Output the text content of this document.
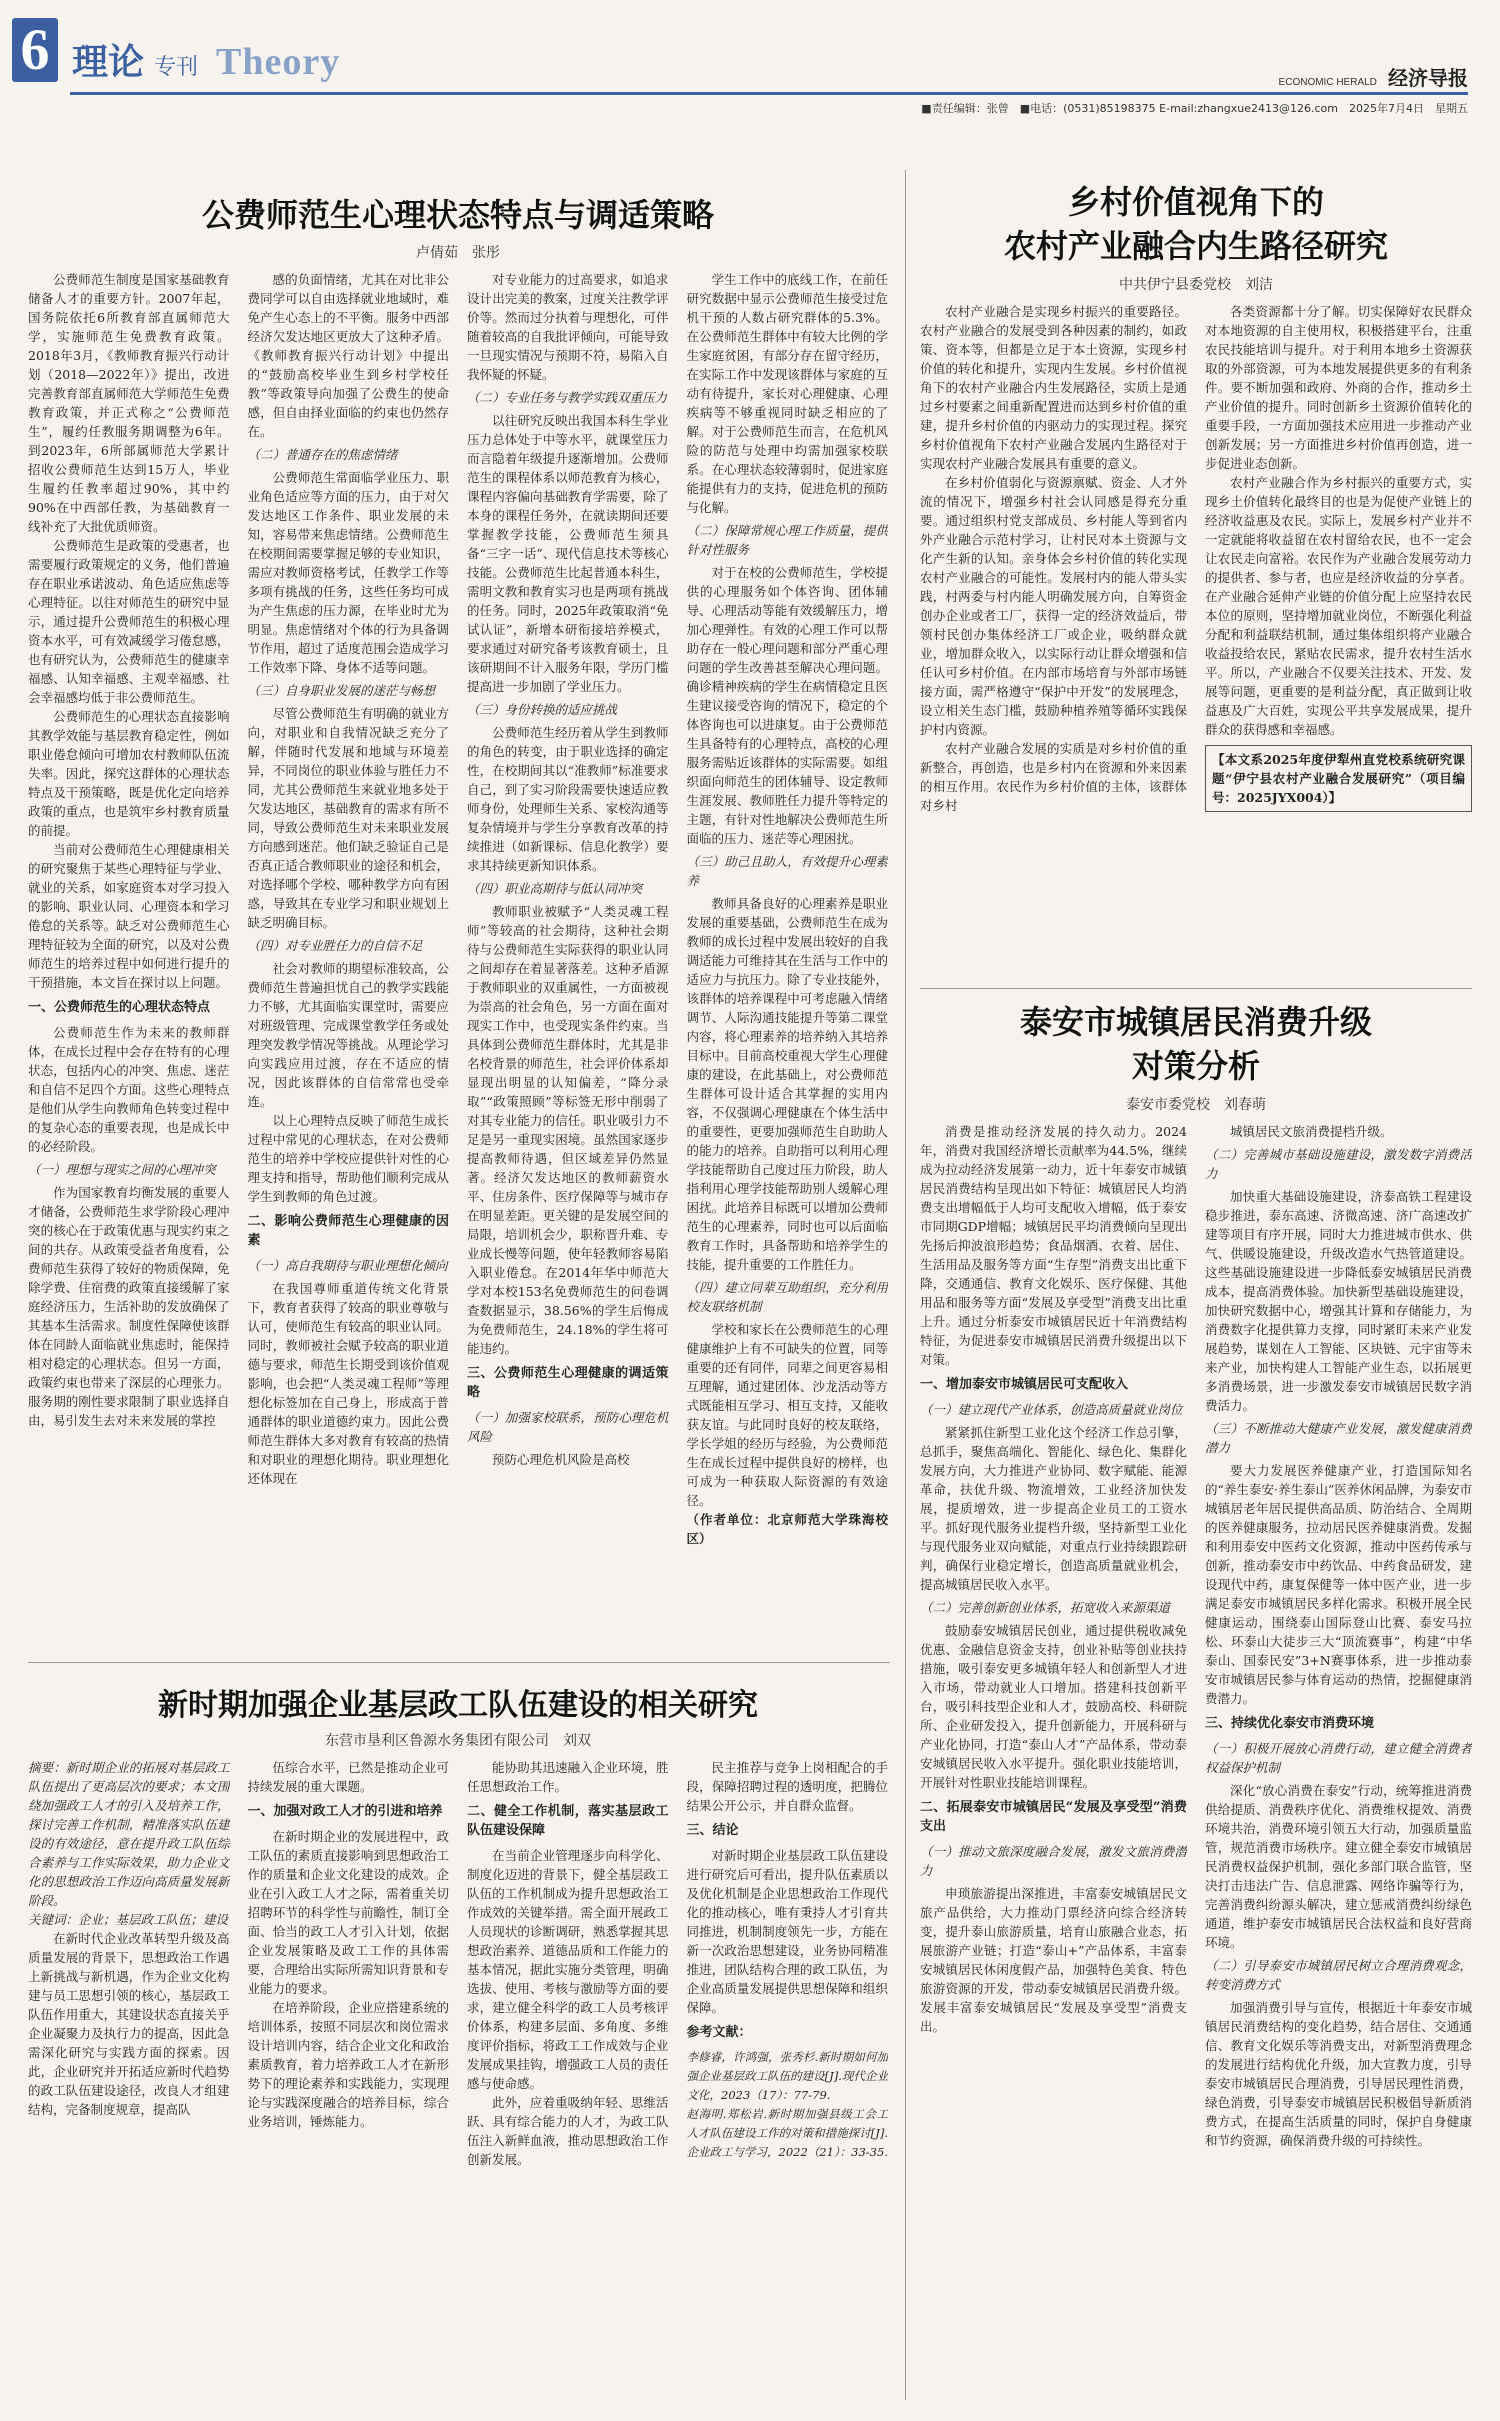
6 理论 专刊 Theory	ECONOMIC HERALD 经济导报
■责任编辑：张曾　■电话：(0531)85198375 E-mail:zhangxue2413@126.com　2025年7月4日　星期五
公费师范生心理状态特点与调适策略
卢倩茹　张彤

公费师范生制度是国家基础教育储备人才的重要方针。2007年起，国务院依托6所教育部直属师范大学，实施师范生免费教育政策。2018年3月，《教师教育振兴行动计划（2018—2022年）》提出，改进完善教育部直属师范大学师范生免费教育政策，并正式称之“公费师范生”，履约任教服务期调整为6年。到2023年，6所部属师范大学累计招收公费师范生达到15万人，毕业生履约任教率超过90%，其中约90%在中西部任教，为基础教育一线补充了大批优质师资。

公费师范生是政策的受惠者，也需要履行政策规定的义务，他们普遍存在职业承诺波动、角色适应焦虑等心理特征。以往对师范生的研究中显示，通过提升公费师范生的积极心理资本水平，可有效减缓学习倦怠感，也有研究认为，公费师范生的健康幸福感、认知幸福感、主观幸福感、社会幸福感均低于非公费师范生。

公费师范生的心理状态直接影响其教学效能与基层教育稳定性，例如职业倦怠倾向可增加农村教师队伍流失率。因此，探究这群体的心理状态特点及干预策略，既是优化定向培养政策的重点，也是筑牢乡村教育质量的前提。

当前对公费师范生心理健康相关的研究聚焦于某些心理特征与学业、就业的关系，如家庭资本对学习投入的影响、职业认同、心理资本和学习倦怠的关系等。缺乏对公费师范生心理特征较为全面的研究，以及对公费师范生的培养过程中如何进行提升的干预措施，本文旨在探讨以上问题。

一、公费师范生的心理状态特点

公费师范生作为未来的教师群体，在成长过程中会存在特有的心理状态，包括内心的冲突、焦虑、迷茫和自信不足四个方面。这些心理特点是他们从学生向教师角色转变过程中的复杂心态的重要表现，也是成长中的必经阶段。

（一）理想与现实之间的心理冲突

作为国家教育均衡发展的重要人才储备，公费师范生求学阶段心理冲突的核心在于政策优惠与现实约束之间的共存。从政策受益者角度看，公费师范生获得了较好的物质保障，免除学费、住宿费的政策直接缓解了家庭经济压力，生活补助的发放确保了其基本生活需求。制度性保障使该群体在同龄人面临就业焦虑时，能保持相对稳定的心理状态。但另一方面，政策约束也带来了深层的心理张力。服务期的刚性要求限制了职业选择自由，易引发生去对未来发展的掌控

感的负面情绪，尤其在对比非公费同学可以自由选择就业地域时，难免产生心态上的不平衡。服务中西部经济欠发达地区更放大了这种矛盾。《教师教育振兴行动计划》中提出的“鼓励高校毕业生到乡村学校任教”等政策导向加强了公费生的使命感，但自由择业面临的约束也仍然存在。

（二）普通存在的焦虑情绪

公费师范生常面临学业压力、职业角色适应等方面的压力，由于对欠发达地区工作条件、职业发展的未知，容易带来焦虑情绪。公费师范生在校期间需要掌握足够的专业知识，需应对教师资格考试，任教学工作等多项有挑战的任务，这些任务均可成为产生焦虑的压力源，在毕业时尤为明显。焦虑情绪对个体的行为具备调节作用，超过了适度范围会造成学习工作效率下降、身体不适等问题。

（三）自身职业发展的迷茫与畅想

尽管公费师范生有明确的就业方向，对职业和自我情况缺乏充分了解，伴随时代发展和地域与环境差异，不同岗位的职业体验与胜任力不同，尤其公费师范生来就业地多处于欠发达地区，基础教育的需求有所不同，导致公费师范生对未来职业发展方向感到迷茫。他们缺乏验证自己是否真正适合教师职业的途径和机会，对选择哪个学校、哪种教学方向有困惑，导致其在专业学习和职业规划上缺乏明确目标。

（四）对专业胜任力的自信不足

社会对教师的期望标准较高，公费师范生普遍担忧自己的教学实践能力不够，尤其面临实课堂时，需要应对班级管理、完成课堂教学任务或处理突发教学情况等挑战。从理论学习向实践应用过渡，存在不适应的情况，因此该群体的自信常常也受牵连。

以上心理特点反映了师范生成长过程中常见的心理状态，在对公费师范生的培养中学校应提供针对性的心理支持和指导，帮助他们顺利完成从学生到教师的角色过渡。

二、影响公费师范生心理健康的因素
（一）高自我期待与职业理想化倾向

在我国尊师重道传统文化背景下，教育者获得了较高的职业尊敬与认可，使师范生有较高的职业认同。同时，教师被社会赋予较高的职业道德与要求，师范生长期受到该价值观影响，也会把“人类灵魂工程师”等理想化标签加在自己身上，形成高于普通群体的职业道德约束力。因此公费师范生群体大多对教育有较高的热情和对职业的理想化期待。职业理想化还体现在

对专业能力的过高要求，如追求设计出完美的教案，过度关注教学评价等。然而过分执着与理想化，可伴随着较高的自我批评倾向，可能导致一旦现实情况与预期不符，易陷入自我怀疑的怀疑。

（二）专业任务与教学实践双重压力

以往研究反映出我国本科生学业压力总体处于中等水平，就课堂压力而言隐着年级提升逐渐增加。公费师范生的课程体系以师范教育为核心，课程内容偏向基础教育学需要，除了本身的课程任务外，在就读期间还要掌握教学技能，公费师范生须具备“三字一话”、现代信息技术等核心技能。公费师范生比起普通本科生，需明文教和教育实习也是两项有挑战的任务。同时，2025年政策取消“免试认证”，新增本研衔接培养模式，要求通过对研究备考该教育硕士，且该研期间不计入服务年限，学历门槛提高进一步加剧了学业压力。

（三）身份转换的适应挑战

公费师范生经历着从学生到教师的角色的转变，由于职业选择的确定性，在校期间其以“准教师”标准要求自己，到了实习阶段需要快速适应教师身份，处理师生关系、家校沟通等复杂情境并与学生分享教育改革的持续推进（如新课标、信息化教学）要求其持续更新知识体系。

（四）职业高期待与低认同冲突

教师职业被赋予“人类灵魂工程师”等较高的社会期待，这种社会期待与公费师范生实际获得的职业认同之间却存在着显著落差。这种矛盾源于教师职业的双重属性，一方面被视为崇高的社会角色，另一方面在面对现实工作中，也受现实条件约束。当具体到公费师范生群体时，尤其是非名校背景的师范生，社会评价体系却显现出明显的认知偏差，“降分录取”“政策照顾”等标签无形中削弱了对其专业能力的信任。职业吸引力不足是另一重现实困境。虽然国家逐步提高教师待遇，但区域差异仍然显著。经济欠发达地区的教师薪资水平、住房条件、医疗保障等与城市存在明显差距。更关键的是发展空间的局限，培训机会少，职称晋升难、专业成长慢等问题，使年轻教师容易陷入职业倦怠。在2014年华中师范大学对本校153名免费师范生的问卷调查数据显示，38.56%的学生后悔成为免费师范生，24.18%的学生将可能违约。

三、公费师范生心理健康的调适策略
（一）加强家校联系，预防心理危机风险

预防心理危机风险是高校

学生工作中的底线工作，在前任研究数据中显示公费师范生接受过危机干预的人数占研究群体的5.3%。在公费师范生群体中有较大比例的学生家庭贫困，有部分存在留守经历，在实际工作中发现该群体与家庭的互动有待提升，家长对心理健康、心理疾病等不够重视同时缺乏相应的了解。对于公费师范生而言，在危机风险的防范与处理中均需加强家校联系。在心理状态较薄弱时，促进家庭能提供有力的支持，促进危机的预防与化解。

（二）保障常规心理工作质量，提供针对性服务

对于在校的公费师范生，学校提供的心理服务如个体咨询、团体辅导、心理活动等能有效缓解压力，增加心理弹性。有效的心理工作可以帮助存在一般心理问题和部分严重心理问题的学生改善甚至解决心理问题。确诊精神疾病的学生在病情稳定且医生建议接受咨询的情况下，稳定的个体咨询也可以进康复。由于公费师范生具备特有的心理特点，高校的心理服务需贴近该群体的实际需要。如组织面向师范生的团体辅导、设定教师生涯发展、教师胜任力提升等特定的主题，有针对性地解决公费师范生所面临的压力、迷茫等心理困扰。

（三）助己且助人，有效提升心理素养

教师具备良好的心理素养是职业发展的重要基础，公费师范生在成为教师的成长过程中发展出较好的自我调适能力可维持其在生活与工作中的适应力与抗压力。除了专业技能外，该群体的培养课程中可考虑融入情绪调节、人际沟通技能提升等第二课堂内容，将心理素养的培养纳入其培养目标中。目前高校重视大学生心理健康的建设，在此基础上，对公费师范生群体可设计适合其掌握的实用内容，不仅强调心理健康在个体生活中的重要性，更要加强师范生自助助人的能力的培养。自助指可以利用心理学技能帮助自己度过压力阶段，助人指利用心理学技能帮助别人缓解心理困扰。此培养目标既可以增加公费师范生的心理素养，同时也可以后面临教育工作时，具备帮助和培养学生的技能，提升重要的工作胜任力。

（四）建立同辈互助组织，充分利用校友联络机制

学校和家长在公费师范生的心理健康维护上有不可缺失的位置，同等重要的还有同伴，同辈之间更容易相互理解，通过建团体、沙龙活动等方式既能相互学习、相互支持，又能收获友谊。与此同时良好的校友联络，学长学姐的经历与经验，为公费师范生在成长过程中提供良好的榜样，也可成为一种获取人际资源的有效途径。

（作者单位：北京师范大学珠海校区）

乡村价值视角下的
农村产业融合内生路径研究
中共伊宁县委党校　刘洁

农村产业融合是实现乡村振兴的重要路径。农村产业融合的发展受到各种因素的制约，如政策、资本等，但都是立足于本土资源，实现乡村价值的转化和提升，实现内生发展。乡村价值视角下的农村产业融合内生发展路径，实质上是通过乡村要素之间重新配置进而达到乡村价值的重建，提升乡村价值的内驱动力的实现过程。探究乡村价值视角下农村产业融合发展内生路径对于实现农村产业融合发展具有重要的意义。

在乡村价值弱化与资源禀赋、资金、人才外流的情况下，增强乡村社会认同感是得充分重要。通过组织村党支部成员、乡村能人等到省内外产业融合示范村学习，让村民对本土资源与文化产生新的认知。亲身体会乡村价值的转化实现农村产业融合的可能性。发展村内的能人带头实践，村两委与村内能人明确发展方向，自筹资金创办企业或者工厂，获得一定的经济效益后，带领村民创办集体经济工厂或企业，吸纳群众就业，增加群众收入，以实际行动让群众增强和信任认可乡村价值。在内部市场培育与外部市场链接方面，需严格遵守“保护中开发”的发展理念，设立相关生态门槛，鼓励种植养殖等循环实践保护村内资源。

农村产业融合发展的实质是对乡村价值的重新整合，再创造，也是乡村内在资源和外来因素的相互作用。农民作为乡村价值的主体，该群体对乡村

各类资源都十分了解。切实保障好农民群众对本地资源的自主使用权，积极搭建平台，注重农民技能培训与提升。对于利用本地乡土资源获取的外部资源，可为本地发展提供更多的有利条件。要不断加强和政府、外商的合作，推动乡土产业价值的提升。同时创新乡土资源价值转化的重要手段，一方面加强技术应用进一步推动产业创新发展；另一方面推进乡村价值再创造，进一步促进业态创新。

农村产业融合作为乡村振兴的重要方式，实现乡土价值转化最终目的也是为促使产业链上的经济收益惠及农民。实际上，发展乡村产业并不一定就能将收益留在农村留给农民，也不一定会让农民走向富裕。农民作为产业融合发展劳动力的提供者、参与者，也应是经济收益的分享者。在产业融合延伸产业链的价值分配上应坚持农民本位的原则，坚持增加就业岗位，不断强化利益分配和利益联结机制，通过集体组织将产业融合收益投给农民，紧贴农民需求，提升农村生活水平。所以，产业融合不仅要关注技术、开发、发展等问题，更重要的是利益分配，真正做到让收益惠及广大百姓，实现公平共享发展成果，提升群众的获得感和幸福感。

【本文系2025年度伊犁州直党校系统研究课题“伊宁县农村产业融合发展研究”（项目编号：2025JYX004）】

泰安市城镇居民消费升级
对策分析
泰安市委党校　刘春萌

消费是推动经济发展的持久动力。2024年，消费对我国经济增长贡献率为44.5%，继续成为拉动经济发展第一动力，近十年泰安市城镇居民消费结构呈现出如下特征：城镇居民人均消费支出增幅低于人均可支配收入增幅，低于泰安市同期GDP增幅；城镇居民平均消费倾向呈现出先扬后抑波浪形趋势；食品烟酒、衣着、居住、生活用品及服务等方面“生存型”消费支出比重下降，交通通信、教育文化娱乐、医疗保健、其他用品和服务等方面“发展及享受型”消费支出比重上升。通过分析泰安市城镇居民近十年消费结构特征，为促进泰安市城镇居民消费升级提出以下对策。

一、增加泰安市城镇居民可支配收入
（一）建立现代产业体系，创造高质量就业岗位

紧紧抓住新型工业化这个经济工作总引擎，总抓手，聚焦高端化、智能化、绿色化、集群化发展方向，大力推进产业协同、数字赋能、能源革命，扶优升级、物流增效，工业经济加快发展，提质增效，进一步提高企业员工的工资水平。抓好现代服务业提档升级，坚持新型工业化与现代服务业双向赋能，对重点行业持续跟踪研判，确保行业稳定增长，创造高质量就业机会，提高城镇居民收入水平。

（二）完善创新创业体系，拓宽收入来源渠道

鼓励泰安城镇居民创业，通过提供税收减免优惠、金融信息资金支持，创业补贴等创业扶持措施，吸引泰安更多城镇年轻人和创新型人才进入市场，带动就业人口增加。搭建科技创新平台，吸引科技型企业和人才，鼓励高校、科研院所、企业研发投入，提升创新能力，开展科研与产业化协同，打造“泰山人才”产品体系，带动泰安城镇居民收入水平提升。强化职业技能培训，开展针对性职业技能培训课程。

二、拓展泰安市城镇居民“发展及享受型”消费支出
（一）推动文旅深度融合发展，激发文旅消费潜力

申琐旅游提出深推进，丰富泰安城镇居民文旅产品供给，大力推动门票经济向综合经济转变，提升泰山旅游质量，培育山旅融合业态，拓展旅游产业链；打造“泰山+”产品体系，丰富泰安城镇居民休闲度假产品，加强特色美食、特色旅游资源的开发，带动泰安城镇居民消费升级。发展丰富泰安城镇居民“发展及享受型”消费支出。

城镇居民文旅消费提档升级。

（二）完善城市基础设施建设，激发数字消费活力

加快重大基础设施建设，济泰高铁工程建设稳步推进，泰东高速、济微高速、济广高速改扩建等项目有序开展，同时大力推进城市供水、供气、供暖设施建设，升级改造水气热管道建设。这些基础设施建设进一步降低泰安城镇居民消费成本，提高消费体验。加快新型基础设施建设，加快研究数据中心，增强其计算和存储能力，为消费数字化提供算力支撑，同时紧盯未来产业发展趋势，谋划在人工智能、区块链、元宇宙等未来产业，加快构建人工智能产业生态，以拓展更多消费场景，进一步激发泰安市城镇居民数字消费活力。

（三）不断推动大健康产业发展，激发健康消费潜力

要大力发展医养健康产业，打造国际知名的“养生泰安·养生泰山”医养休闲品牌，为泰安市城镇居老年居民提供高品质、防治结合、全周期的医养健康服务，拉动居民医养健康消费。发掘和利用泰安中医药文化资源，推动中医药传承与创新，推动泰安市中药饮品、中药食品研发，建设现代中药，康复保健等一体中医产业，进一步满足泰安市城镇居民多样化需求。积极开展全民健康运动，围绕泰山国际登山比赛、泰安马拉松、环泰山大徒步三大“顶流赛事”，构建“中华泰山、国泰民安”3+N赛事体系，进一步推动泰安市城镇居民参与体育运动的热情，挖掘健康消费潜力。

三、持续优化泰安市消费环境
（一）积极开展放心消费行动，建立健全消费者权益保护机制

深化“放心消费在泰安”行动，统筹推进消费供给提质、消费秩序优化、消费维权提效、消费环境共治，消费环境引领五大行动，加强质量监管，规范消费市场秩序。建立健全泰安市城镇居民消费权益保护机制，强化多部门联合监管，坚决打击违法广告、信息泄露、网络诈骗等行为，完善消费纠纷源头解决，建立惩戒消费纠纷绿色通道，维护泰安市城镇居民合法权益和良好营商环境。

（二）引导泰安市城镇居民树立合理消费观念，转变消费方式

加强消费引导与宣传，根据近十年泰安市城镇居民消费结构的变化趋势，结合居住、交通通信、教育文化娱乐等消费支出，对新型消费理念的发展进行结构优化升级，加大宣教力度，引导泰安市城镇居民合理消费，引导居民理性消费，绿色消费，引导泰安市城镇居民积极倡导新质消费方式，在提高生活质量的同时，保护自身健康和节约资源，确保消费升级的可持续性。

新时期加强企业基层政工队伍建设的相关研究
东营市垦利区鲁源水务集团有限公司　刘双

摘要：新时期企业的拓展对基层政工队伍提出了更高层次的要求；本文围绕加强政工人才的引入及培养工作，探讨完善工作机制，精准落实队伍建设的有效途径，意在提升政工队伍综合素养与工作实际效果，助力企业文化的思想政治工作迈向高质量发展新阶段。

关键词：企业；基层政工队伍；建设

在新时代企业改革转型升级及高质量发展的背景下，思想政治工作遇上新挑战与新机遇，作为企业文化构建与员工思想引领的核心，基层政工队伍作用重大，其建设状态直接关乎企业凝聚力及执行力的提高，因此急需深化研究与实践方面的探索。因此，企业研究并开拓适应新时代趋势的政工队伍建设途径，改良人才组建结构，完备制度规章，提高队

伍综合水平，已然是推动企业可持续发展的重大课题。

一、加强对政工人才的引进和培养

在新时期企业的发展进程中，政工队伍的素质直接影响到思想政治工作的质量和企业文化建设的成效。企业在引入政工人才之际，需着重关切招聘环节的科学性与前瞻性，制订全面、恰当的政工人才引入计划，依据企业发展策略及政工工作的具体需要，合理给出实际所需知识背景和专业能力的要求。

在培养阶段，企业应搭建系统的培训体系，按照不同层次和岗位需求设计培训内容，结合企业文化和政治素质教育，着力培养政工人才在新形势下的理论素养和实践能力，实现理论与实践深度融合的培养目标，综合业务培训，锤炼能力。

能协助其迅速融入企业环境，胜任思想政治工作。

二、健全工作机制，落实基层政工队伍建设保障

在当前企业管理逐步向科学化、制度化迈进的背景下，健全基层政工队伍的工作机制成为提升思想政治工作成效的关键举措。需全面开展政工人员现状的诊断调研，熟悉掌握其思想政治素养、道德品质和工作能力的基本情况，据此实施分类管理，明确选拔、使用、考核与激励等方面的要求，建立健全科学的政工人员考核评价体系，构建多层面、多角度、多维度评价指标，将政工工作成效与企业发展成果挂钩，增强政工人员的责任感与使命感。

此外，应着重吸纳年轻、思维活跃、具有综合能力的人才，为政工队伍注入新鲜血液，推动思想政治工作创新发展。

民主推荐与竞争上岗相配合的手段，保障招聘过程的透明度，把腾位结果公开公示，并自群众监督。

三、结论

对新时期企业基层政工队伍建设进行研究后可看出，提升队伍素质以及优化机制是企业思想政治工作现代化的推动核心，唯有秉持人才引育共同推进，机制制度领先一步，方能在新一次政治思想建设，业务协同精准推进，团队结构合理的政工队伍，为企业高质量发展提供思想保障和组织保障。

参考文献：

李修睿，许鸿强，张秀杉.新时期如何加强企业基层政工队伍的建设[J].现代企业文化，2023（17）：77-79.

赵海明.郑松岩.新时期加强县级工会工人才队伍建设工作的对策和措施探讨[J].企业政工与学习，2022（21）：33-35.
